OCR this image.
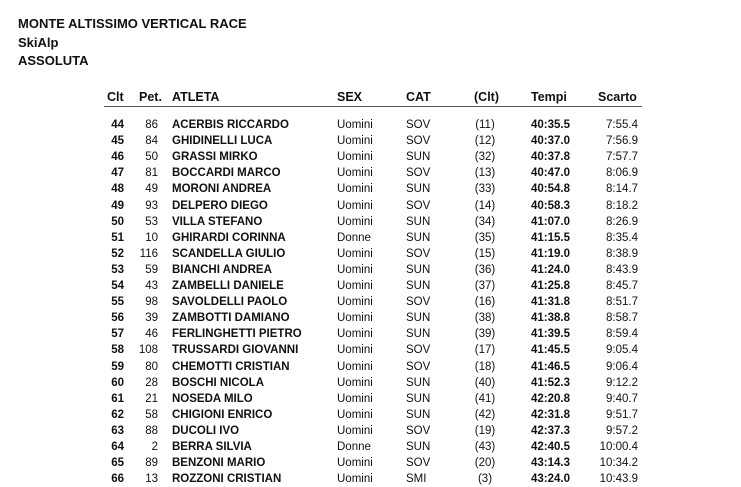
MONTE ALTISSIMO VERTICAL RACE
SkiAlp
ASSOLUTA
Clt Pet. ATLETA	SEX	CAT	(Clt)	Tempi Scarto
44	86 ACERBIS RICCARDO	Uomini	SOV	(11)	40:35.5	7:55.4
45	84 GHIDINELLI LUCA	Uomini	SOV	(12)	40:37.0	7:56.9
46	50 GRASSI MIRKO	Uomini	SUN	(32)	40:37.8	7:57.7
47	81 BOCCARDI MARCO	Uomini	SOV	(13)	40:47.0	8:06.9
48	49 MORONI ANDREA	Uomini	SUN	(33)	40:54.8	8:14.7
49	93 DELPERO DIEGO	Uomini	SOV	(14)	40:58.3	8:18.2
50	53 VILLA STEFANO	Uomini	SUN	(34)	41:07.0	8:26.9
51	10 GHIRARDI CORINNA	Donne	SUN	(35)	41:15.5	8:35.4
52	116 SCANDELLA GIULIO	Uomini	SOV	(15)	41:19.0	8:38.9
53	59 BIANCHI ANDREA	Uomini	SUN	(36)	41:24.0	8:43.9
54	43 ZAMBELLI DANIELE	Uomini	SUN	(37)	41:25.8	8:45.7
55	98 SAVOLDELLI PAOLO	Uomini	SOV	(16)	41:31.8	8:51.7
56	39 ZAMBOTTI DAMIANO	Uomini	SUN	(38)	41:38.8	8:58.7
57	46 FERLINGHETTI PIETRO	Uomini	SUN	(39)	41:39.5	8:59.4
58	108 TRUSSARDI GIOVANNI	Uomini	SOV	(17)	41:45.5	9:05.4
59	80 CHEMOTTI CRISTIAN	Uomini	SOV	(18)	41:46.5	9:06.4
60	28 BOSCHI NICOLA	Uomini	SUN	(40)	41:52.3	9:12.2
61	21 NOSEDA MILO	Uomini	SUN	(41)	42:20.8	9:40.7
62	58 CHIGIONI ENRICO	Uomini	SUN	(42)	42:31.8	9:51.7
63	88 DUCOLI IVO	Uomini	SOV	(19)	42:37.3	9:57.2
64	2 BERRA SILVIA	Donne	SUN	(43)	42:40.5	10:00.4
65	89 BENZONI MARIO	Uomini	SOV	(20)	43:14.3	10:34.2
66	13 ROZZONI CRISTIAN	Uomini	SMI	(3)	43:24.0	10:43.9
